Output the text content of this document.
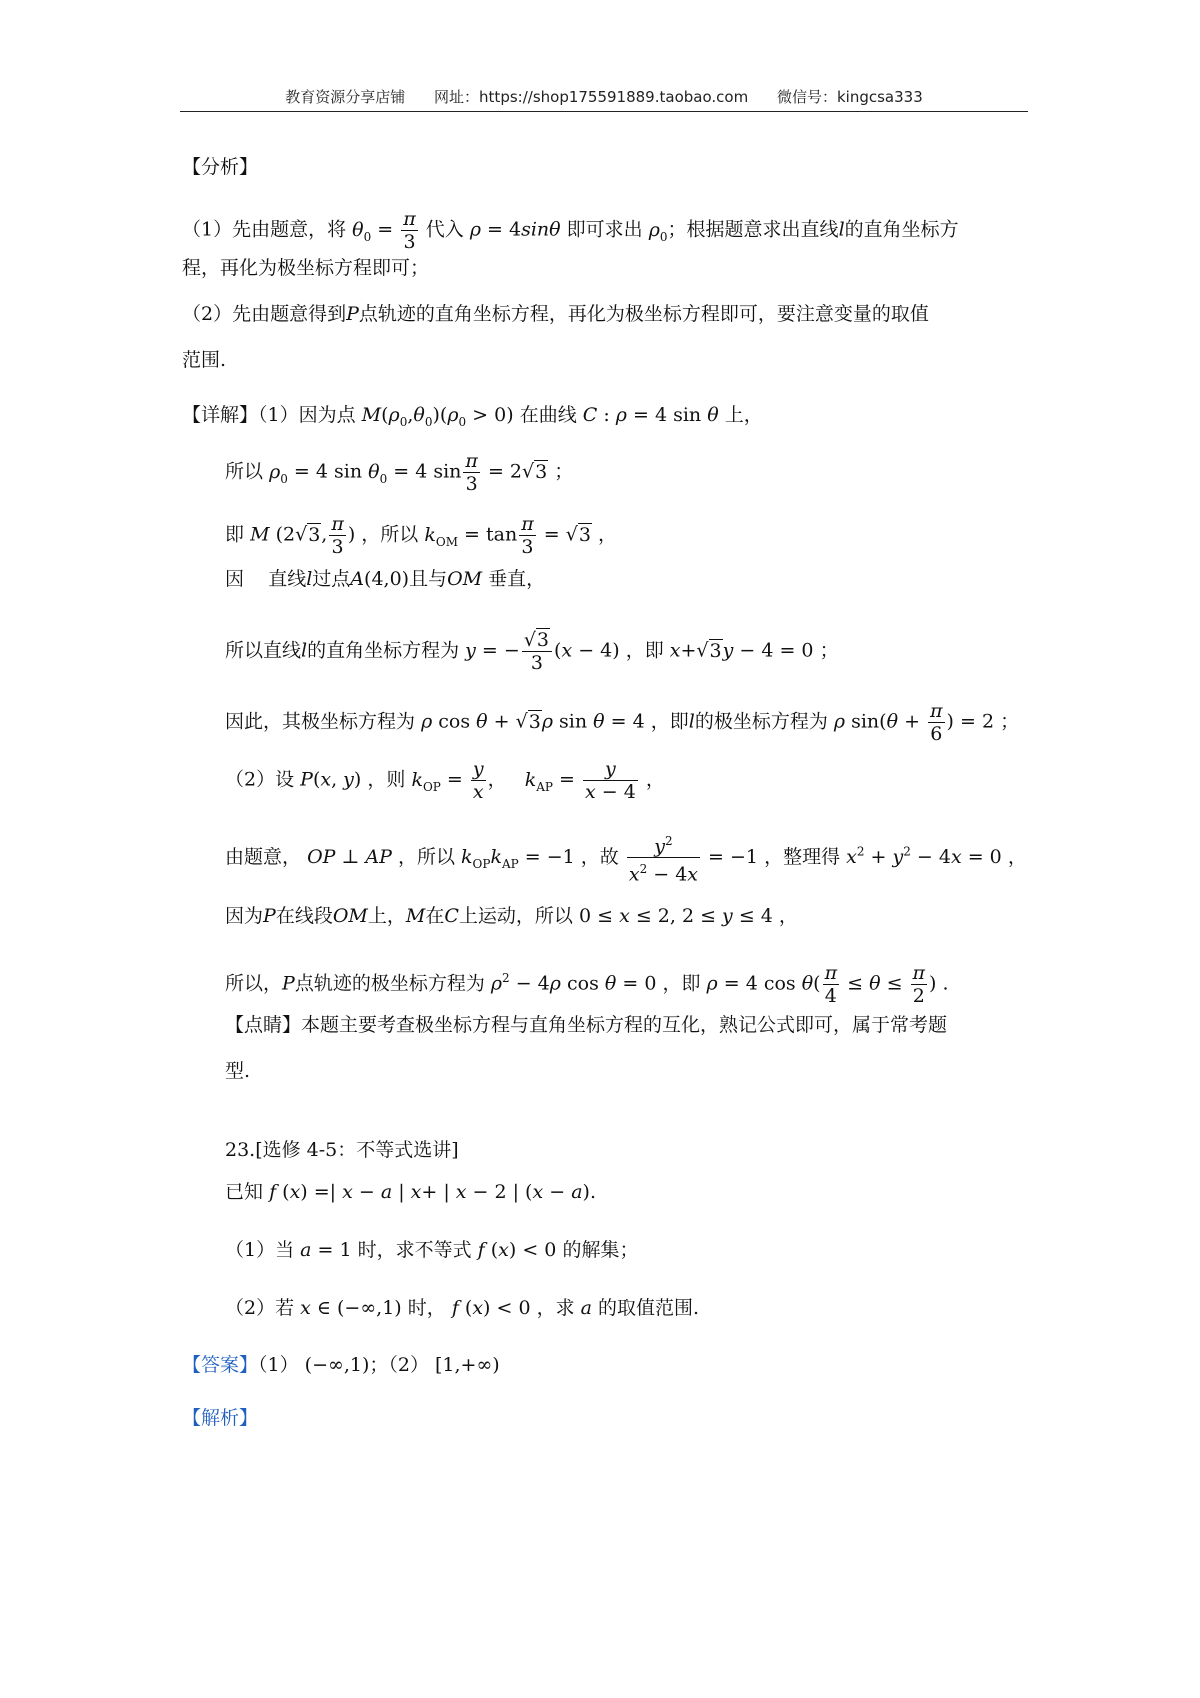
教育资源分享店铺 网址：https://shop175591889.taobao.com 微信号：kingcsa333
【分析】
（1）先由题意，将 $\theta_0 = \frac{\pi}{3}$ 代入 ρ = 4sinθ 即可求出 $\rho_0$；根据题意求出直线l的直角坐标方
程，再化为极坐标方程即可；
（2）先由题意得到P点轨迹的直角坐标方程，再化为极坐标方程即可，要注意变量的取值
范围.
【详解】（1）因为点 $M(\rho_0,\theta_0)(\rho_0 > 0)$ 在曲线 C : ρ = 4 sin θ 上，
所以 $\rho_0 = 4$ $\sin \theta_0 = 4$ $\sin \frac{\pi}{3} = 2√3$ ；
即 M (2√3, $\frac{\pi}{3}$ ) ，所以 $k_{OM} = \tan \frac{\pi}{3} = √3$ ，
因 直线l过点A(4,0)且与OM 垂直，
所以直线l的直角坐标方程为 y = − $\frac{√3}{3} (x - 4)$ ，即 x+√3y − 4 = 0 ；
因此，其极坐标方程为 ρ cos θ + √3ρ sin θ = 4 ，即l的极坐标方程为 ρ $\sin(\theta + \frac{\pi}{6}$ ) = 2 ；
（2）设 P(x, y) ，则 $k_{OP} = \frac{y}{x}$ ， $k_{AP} = \frac{y}{x - 4}$ ，
由题意， OP ⊥ AP ，所以 $k_{OP}k_{AP} = -1$ ，故 $\frac{y^2}{x^2 - 4x} = -1$ ，整理得 $x^2 + y^2 - 4x = 0$ ，
因为P在线段OM上，M在C上运动，所以 0 ≤ x ≤ 2, 2 ≤ y ≤ 4 ，
所以，P点轨迹的极坐标方程为 $\rho^2 - 4\rho$ cos θ = 0 ，即 ρ = 4 $\cos \theta( \frac{\pi}{4} \le \theta \le \frac{\pi}{2}$ ) .
【点睛】本题主要考查极坐标方程与直角坐标方程的互化，熟记公式即可，属于常考题
型.
23.[选修 4-5：不等式选讲]
已知 f (x) =| x − a | x+ | x − 2 | (x − a).
（1）当 a = 1 时，求不等式 f (x) < 0 的解集；
（2）若 x ∈ (−∞,1) 时， f (x) < 0 ，求 a 的取值范围.
【答案】（1） (−∞,1)；（2） [1,+∞)
【解析】
